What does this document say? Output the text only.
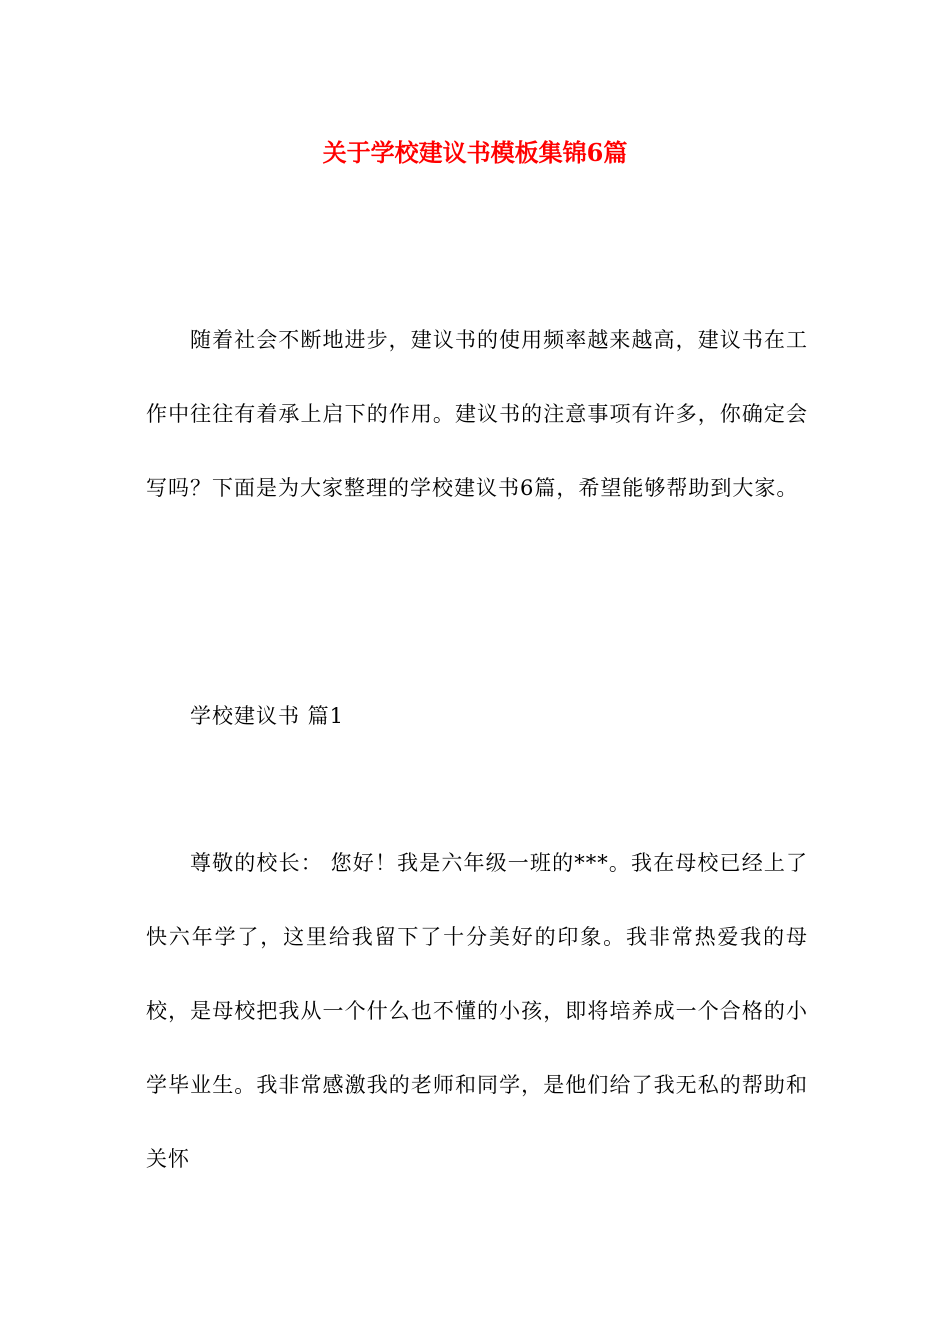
关于学校建议书模板集锦6篇
随着社会不断地进步，建议书的使用频率越来越高，建议书在工作中往往有着承上启下的作用。建议书的注意事项有许多，你确定会写吗？下面是为大家整理的学校建议书6篇，希望能够帮助到大家。
学校建议书 篇1
尊敬的校长： 您好！我是六年级一班的***。我在母校已经上了快六年学了，这里给我留下了十分美好的印象。我非常热爱我的母校，是母校把我从一个什么也不懂的小孩，即将培养成一个合格的小学毕业生。我非常感激我的老师和同学，是他们给了我无私的帮助和关怀
